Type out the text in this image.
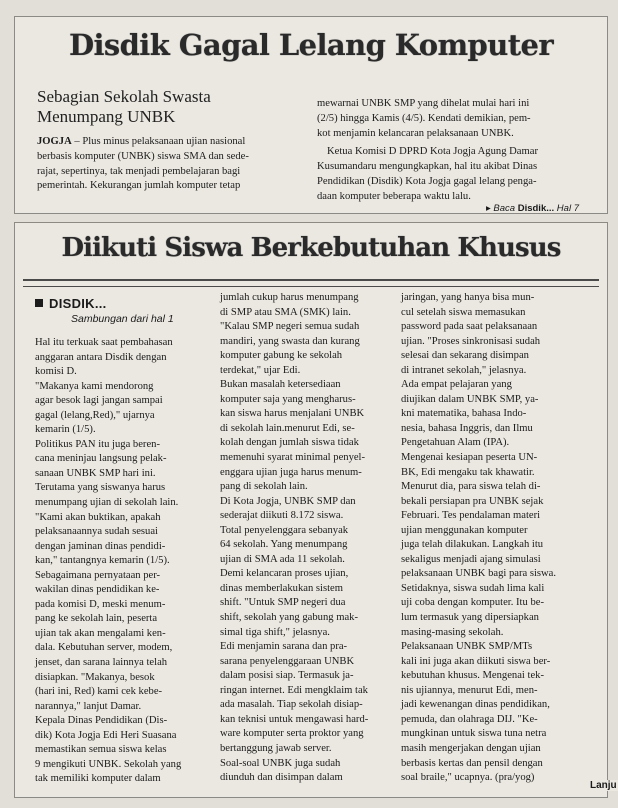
Disdik Gagal Lelang Komputer
Sebagian Sekolah Swasta
Menumpang UNBK
JOGJA – Plus minus pelaksanaan ujian nasional
berbasis komputer (UNBK) siswa SMA dan sede-
rajat, sepertinya, tak menjadi pembelajaran bagi
pemerintah. Kekurangan jumlah komputer tetap
mewarnai UNBK SMP yang dihelat mulai hari ini
(2/5) hingga Kamis (4/5). Kendati demikian, pem-
kot menjamin kelancaran pelaksanaan UNBK.
Ketua Komisi D DPRD Kota Jogja Agung Damar
Kusumandaru mengungkapkan, hal itu akibat Dinas
Pendidikan (Disdik) Kota Jogja gagal lelang penga-
daan komputer beberapa waktu lalu.
▸ Baca Disdik... Hal 7
Diikuti Siswa Berkebutuhan Khusus
DISDIK...
Sambungan dari hal 1
Hal itu terkuak saat pembahasan
anggaran antara Disdik dengan
komisi D.
"Makanya kami mendorong
agar besok lagi jangan sampai
gagal (lelang,Red)," ujarnya
kemarin (1/5).
Politikus PAN itu juga beren-
cana meninjau langsung pelak-
sanaan UNBK SMP hari ini.
Terutama yang siswanya harus
menumpang ujian di sekolah lain.
"Kami akan buktikan, apakah
pelaksanaannya sudah sesuai
dengan jaminan dinas pendidi-
kan," tantangnya kemarin (1/5).
Sebagaimana pernyataan per-
wakilan dinas pendidikan ke-
pada komisi D, meski menum-
pang ke sekolah lain, peserta
ujian tak akan mengalami ken-
dala. Kebutuhan server, modem,
jenset, dan sarana lainnya telah
disiapkan. "Makanya, besok
(hari ini, Red) kami cek kebe-
narannya," lanjut Damar.
Kepala Dinas Pendidikan (Dis-
dik) Kota Jogja Edi Heri Suasana
memastikan semua siswa kelas
9 mengikuti UNBK. Sekolah yang
tak memiliki komputer dalam
jumlah cukup harus menumpang
di SMP atau SMA (SMK) lain.
"Kalau SMP negeri semua sudah
mandiri, yang swasta dan kurang
komputer gabung ke sekolah
terdekat," ujar Edi.
Bukan masalah ketersediaan
komputer saja yang mengharus-
kan siswa harus menjalani UNBK
di sekolah lain.menurut Edi, se-
kolah dengan jumlah siswa tidak
memenuhi syarat minimal penyel-
enggara ujian juga harus menum-
pang di sekolah lain.
Di Kota Jogja, UNBK SMP dan
sederajat diikuti 8.172 siswa.
Total penyelenggara sebanyak
64 sekolah. Yang menumpang
ujian di SMA ada 11 sekolah.
Demi kelancaran proses ujian,
dinas memberlakukan sistem
shift. "Untuk SMP negeri dua
shift, sekolah yang gabung mak-
simal tiga shift," jelasnya.
Edi menjamin sarana dan pra-
sarana penyelenggaraan UNBK
dalam posisi siap. Termasuk ja-
ringan internet. Edi mengklaim tak
ada masalah. Tiap sekolah disiap-
kan teknisi untuk mengawasi hard-
ware komputer serta proktor yang
bertanggung jawab server.
Soal-soal UNBK juga sudah
diunduh dan disimpan dalam
jaringan, yang hanya bisa mun-
cul setelah siswa memasukan
password pada saat pelaksanaan
ujian. "Proses sinkronisasi sudah
selesai dan sekarang disimpan
di intranet sekolah," jelasnya.
Ada empat pelajaran yang
diujikan dalam UNBK SMP, ya-
kni matematika, bahasa Indo-
nesia, bahasa Inggris, dan Ilmu
Pengetahuan Alam (IPA).
Mengenai kesiapan peserta UN-
BK, Edi mengaku tak khawatir.
Menurut dia, para siswa telah di-
bekali persiapan pra UNBK sejak
Februari. Tes pendalaman materi
ujian menggunakan komputer
juga telah dilakukan. Langkah itu
sekaligus menjadi ajang simulasi
pelaksanaan UNBK bagi para siswa.
Setidaknya, siswa sudah lima kali
uji coba dengan komputer. Itu be-
lum termasuk yang dipersiapkan
masing-masing sekolah.
Pelaksanaan UNBK SMP/MTs
kali ini juga akan diikuti siswa ber-
kebutuhan khusus. Mengenai tek-
nis ujiannya, menurut Edi, men-
jadi kewenangan dinas pendidikan,
pemuda, dan olahraga DIJ. "Ke-
mungkinan untuk siswa tuna netra
masih mengerjakan dengan ujian
berbasis kertas dan pensil dengan
soal braile," ucapnya. (pra/yog)
Lanju
